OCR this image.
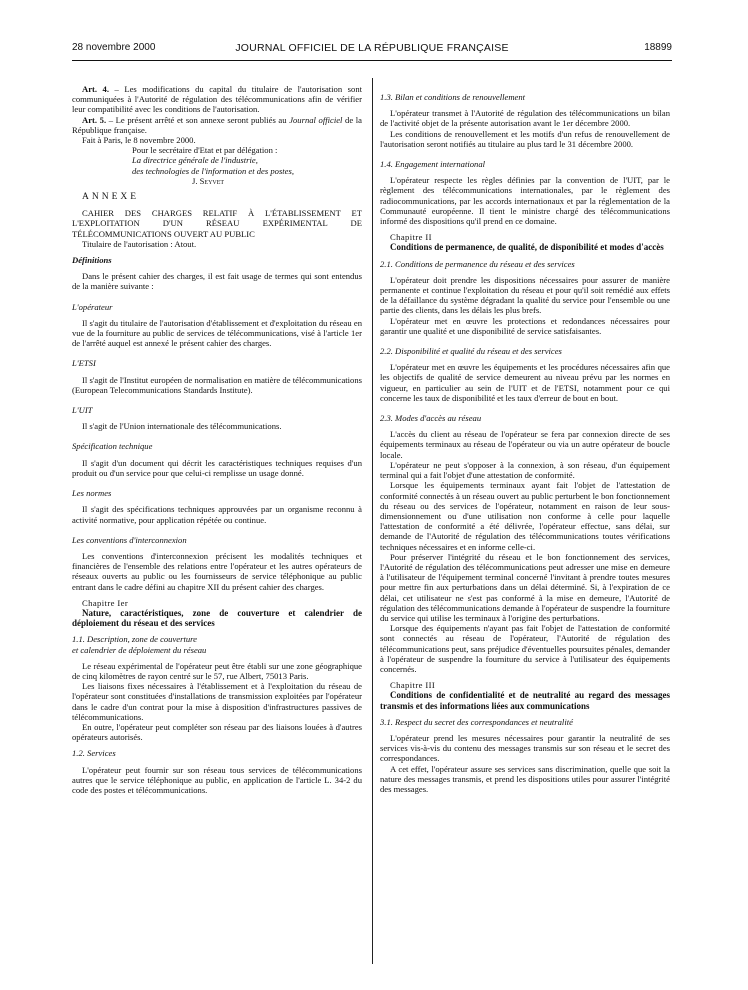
28 novembre 2000	JOURNAL OFFICIEL DE LA RÉPUBLIQUE FRANÇAISE	18899

Art. 4. – Les modifications du capital du titulaire de l'autorisation sont communiquées à l'Autorité de régulation des télécommunications afin de vérifier leur compatibilité avec les conditions de l'autorisation.

Art. 5. – Le présent arrêté et son annexe seront publiés au Journal officiel de la République française.

Fait à Paris, le 8 novembre 2000.

Pour le secrétaire d'Etat et par délégation :

La directrice générale de l'industrie,

des technologies de l'information et des postes,

J. Seyvet

ANNEXE

CAHIER DES CHARGES RELATIF À L'ÉTABLISSEMENT ET L'EXPLOITATION D'UN RÉSEAU EXPÉRIMENTAL DE TÉLÉCOMMUNICATIONS OUVERT AU PUBLIC

Titulaire de l'autorisation : Atout.

Définitions

Dans le présent cahier des charges, il est fait usage de termes qui sont entendus de la manière suivante :

L'opérateur

Il s'agit du titulaire de l'autorisation d'établissement et d'exploitation du réseau en vue de la fourniture au public de services de télécommunications, visé à l'article 1er de l'arrêté auquel est annexé le présent cahier des charges.

L'ETSI

Il s'agit de l'Institut européen de normalisation en matière de télécommunications (European Telecommunications Standards Institute).

L'UIT

Il s'agit de l'Union internationale des télécommunications.

Spécification technique

Il s'agit d'un document qui décrit les caractéristiques techniques requises d'un produit ou d'un service pour que celui-ci remplisse un usage donné.

Les normes

Il s'agit des spécifications techniques approuvées par un organisme reconnu à activité normative, pour application répétée ou continue.

Les conventions d'interconnexion

Les conventions d'interconnexion précisent les modalités techniques et financières de l'ensemble des relations entre l'opérateur et les autres opérateurs de réseaux ouverts au public ou les fournisseurs de service téléphonique au public entrant dans le cadre défini au chapitre XII du présent cahier des charges.

Chapitre Ier

Nature, caractéristiques, zone de couverture et calendrier de déploiement du réseau et des services

1.1. Description, zone de couverture

et calendrier de déploiement du réseau

Le réseau expérimental de l'opérateur peut être établi sur une zone géographique de cinq kilomètres de rayon centré sur le 57, rue Albert, 75013 Paris.

Les liaisons fixes nécessaires à l'établissement et à l'exploitation du réseau de l'opérateur sont constituées d'installations de transmission exploitées par l'opérateur dans le cadre d'un contrat pour la mise à disposition d'infrastructures passives de télécommunications.

En outre, l'opérateur peut compléter son réseau par des liaisons louées à d'autres opérateurs autorisés.

1.2. Services

L'opérateur peut fournir sur son réseau tous services de télécommunications autres que le service téléphonique au public, en application de l'article L. 34-2 du code des postes et télécommunications.

1.3. Bilan et conditions de renouvellement

L'opérateur transmet à l'Autorité de régulation des télécommunications un bilan de l'activité objet de la présente autorisation avant le 1er décembre 2000.

Les conditions de renouvellement et les motifs d'un refus de renouvellement de l'autorisation seront notifiés au titulaire au plus tard le 31 décembre 2000.

1.4. Engagement international

L'opérateur respecte les règles définies par la convention de l'UIT, par le règlement des télécommunications internationales, par le règlement des radiocommunications, par les accords internationaux et par la réglementation de la Communauté européenne. Il tient le ministre chargé des télécommunications informé des dispositions qu'il prend en ce domaine.

Chapitre II

Conditions de permanence, de qualité, de disponibilité et modes d'accès

2.1. Conditions de permanence du réseau et des services

L'opérateur doit prendre les dispositions nécessaires pour assurer de manière permanente et continue l'exploitation du réseau et pour qu'il soit remédié aux effets de la défaillance du système dégradant la qualité du service pour l'ensemble ou une partie des clients, dans les délais les plus brefs.

L'opérateur met en œuvre les protections et redondances nécessaires pour garantir une qualité et une disponibilité de service satisfaisantes.

2.2. Disponibilité et qualité du réseau et des services

L'opérateur met en œuvre les équipements et les procédures nécessaires afin que les objectifs de qualité de service demeurent au niveau prévu par les normes en vigueur, en particulier au sein de l'UIT et de l'ETSI, notamment pour ce qui concerne les taux de disponibilité et les taux d'erreur de bout en bout.

2.3. Modes d'accès au réseau

L'accès du client au réseau de l'opérateur se fera par connexion directe de ses équipements terminaux au réseau de l'opérateur ou via un autre opérateur de boucle locale.

L'opérateur ne peut s'opposer à la connexion, à son réseau, d'un équipement terminal qui a fait l'objet d'une attestation de conformité.

Lorsque les équipements terminaux ayant fait l'objet de l'attestation de conformité connectés à un réseau ouvert au public perturbent le bon fonctionnement du réseau ou des services de l'opérateur, notamment en raison de leur sous-dimensionnement ou d'une utilisation non conforme à celle pour laquelle l'attestation de conformité a été délivrée, l'opérateur effectue, sans délai, sur demande de l'Autorité de régulation des télécommunications toutes vérifications techniques nécessaires et en informe celle-ci.

Pour préserver l'intégrité du réseau et le bon fonctionnement des services, l'Autorité de régulation des télécommunications peut adresser une mise en demeure à l'utilisateur de l'équipement terminal concerné l'invitant à prendre toutes mesures pour mettre fin aux perturbations dans un délai déterminé. Si, à l'expiration de ce délai, cet utilisateur ne s'est pas conformé à la mise en demeure, l'Autorité de régulation des télécommunications demande à l'opérateur de suspendre la fourniture du service qui utilise les terminaux à l'origine des perturbations.

Lorsque des équipements n'ayant pas fait l'objet de l'attestation de conformité sont connectés au réseau de l'opérateur, l'Autorité de régulation des télécommunications peut, sans préjudice d'éventuelles poursuites pénales, demander à l'opérateur de suspendre la fourniture du service à l'utilisateur des équipements concernés.

Chapitre III

Conditions de confidentialité et de neutralité au regard des messages transmis et des informations liées aux communications

3.1. Respect du secret des correspondances et neutralité

L'opérateur prend les mesures nécessaires pour garantir la neutralité de ses services vis-à-vis du contenu des messages transmis sur son réseau et le secret des correspondances.

A cet effet, l'opérateur assure ses services sans discrimination, quelle que soit la nature des messages transmis, et prend les dispositions utiles pour assurer l'intégrité des messages.
